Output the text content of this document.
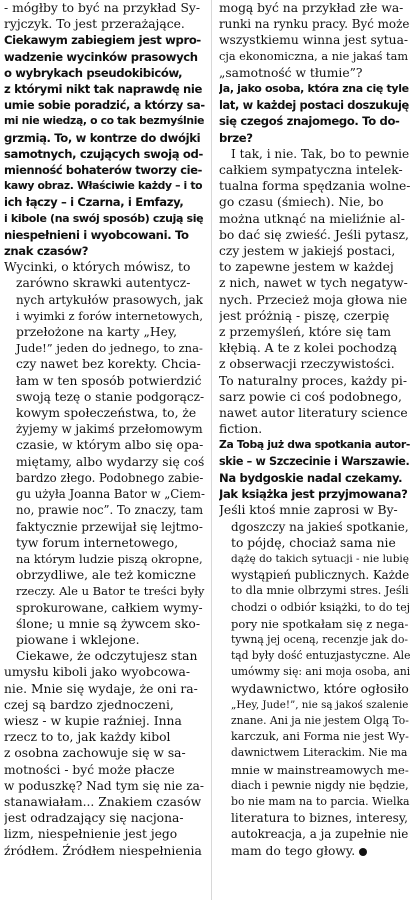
- mógłby to być na przykład Sy-
ryjczyk. To jest przerażające.
Ciekawym zabiegiem jest wpro-
wadzenie wycinków prasowych
o wybrykach pseudokibiców,
z którymi nikt tak naprawdę nie
umie sobie poradzić, a którzy sa-
mi nie wiedzą, o co tak bezmyślnie
grzmią. To, w kontrze do dwójki
samotnych, czujących swoją od-
mienność bohaterów tworzy cie-
kawy obraz. Właściwie każdy – i to
ich łączy – i Czarna, i Emfazy,
i kibole (na swój sposób) czują się
niespełnieni i wyobcowani. To
znak czasów?
Wycinki, o których mówisz, to
zarówno skrawki autentycz-
nych artykułów prasowych, jak
i wyimki z forów internetowych,
przełożone na karty „Hey,
Jude!” jeden do jednego, to zna-
czy nawet bez korekty. Chcia-
łam w ten sposób potwierdzić
swoją tezę o stanie podgorącz-
kowym społeczeństwa, to, że
żyjemy w jakimś przełomowym
czasie, w którym albo się opa-
miętamy, albo wydarzy się coś
bardzo złego. Podobnego zabie-
gu użyła Joanna Bator w „Ciem-
no, prawie noc”. To znaczy, tam
faktycznie przewijał się lejtmo-
tyw forum internetowego,
na którym ludzie piszą okropne,
obrzydliwe, ale też komiczne
rzeczy. Ale u Bator te treści były
sprokurowane, całkiem wymy-
ślone; u mnie są żywcem sko-
piowane i wklejone.
Ciekawe, że odczytujesz stan
umysłu kiboli jako wyobcowa-
nie. Mnie się wydaje, że oni ra-
czej są bardzo zjednoczeni,
wiesz - w kupie raźniej. Inna
rzecz to to, jak każdy kibol
z osobna zachowuje się w sa-
motności - być może płacze
w poduszkę? Nad tym się nie za-
stanawiałam... Znakiem czasów
jest odradzający się nacjona-
lizm, niespełnienie jest jego
źródłem. Źródłem niespełnienia
mogą być na przykład złe wa-
runki na rynku pracy. Być może
wszystkiemu winna jest sytua-
cja ekonomiczna, a nie jakaś tam
„samotność w tłumie”?
Ja, jako osoba, która zna cię tyle
lat, w każdej postaci doszukuję
się czegoś znajomego. To do-
brze?
I tak, i nie. Tak, bo to pewnie
całkiem sympatyczna intelek-
tualna forma spędzania wolne-
go czasu (śmiech). Nie, bo
można utknąć na mieliźnie al-
bo dać się zwieść. Jeśli pytasz,
czy jestem w jakiejś postaci,
to zapewne jestem w każdej
z nich, nawet w tych negatyw-
nych. Przecież moja głowa nie
jest próżnią - piszę, czerpię
z przemyśleń, które się tam
kłębią. A te z kolei pochodzą
z obserwacji rzeczywistości.
To naturalny proces, każdy pi-
sarz powie ci coś podobnego,
nawet autor literatury science
fiction.
Za Tobą już dwa spotkania autor-
skie – w Szczecinie i Warszawie.
Na bydgoskie nadal czekamy.
Jak książka jest przyjmowana?
Jeśli ktoś mnie zaprosi w By-
dgoszczy na jakieś spotkanie,
to pójdę, chociaż sama nie
dążę do takich sytuacji - nie lubię
wystąpień publicznych. Każde
to dla mnie olbrzymi stres. Jeśli
chodzi o odbiór książki, to do tej
pory nie spotkałam się z nega-
tywną jej oceną, recenzje jak do-
tąd były dość entuzjastyczne. Ale
umówmy się: ani moja osoba, ani
wydawnictwo, które ogłosiło
„Hey, Jude!”, nie są jakoś szalenie
znane. Ani ja nie jestem Olgą To-
karczuk, ani Forma nie jest Wy-
dawnictwem Literackim. Nie ma
mnie w mainstreamowych me-
diach i pewnie nigdy nie będzie,
bo nie mam na to parcia. Wielka
literatura to biznes, interesy,
autokreacja, a ja zupełnie nie
mam do tego głowy.
